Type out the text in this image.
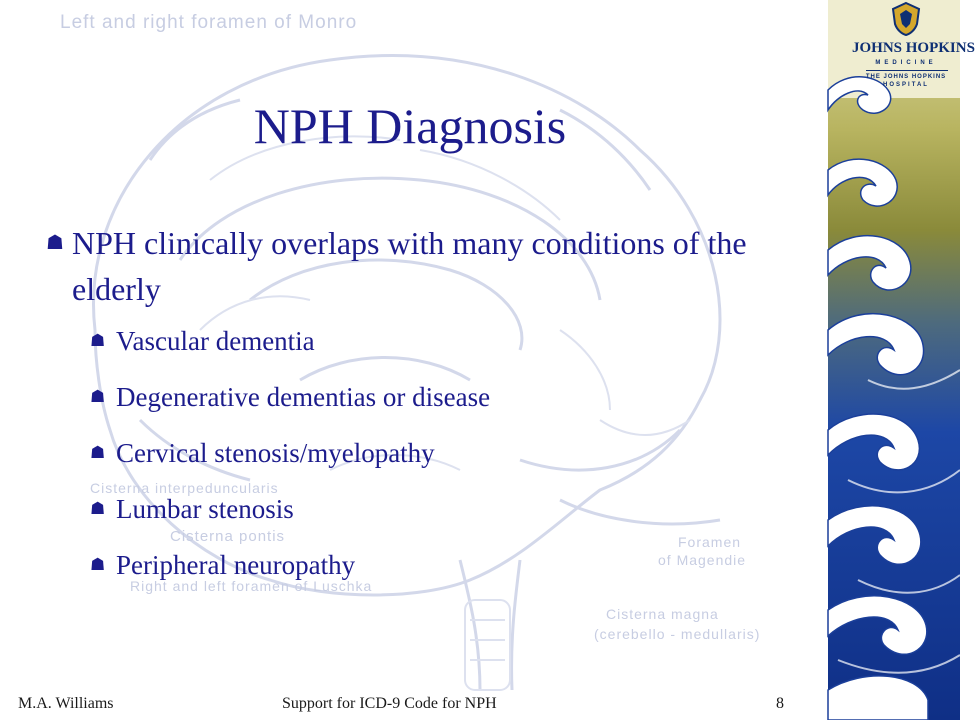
Left and right foramen of Monro
Cisterna interpeduncularis
Cisterna pontis
Right and left foramen of Luschka
Foramen
of Magendie
Cisterna magna
(cerebello - medullaris)
JOHNS HOPKINS
MEDICINE
THE JOHNS HOPKINS
HOSPITAL
NPH Diagnosis
☗ NPH clinically overlaps with many conditions of the elderly
☗ Vascular dementia
☗ Degenerative dementias or disease
☗ Cervical stenosis/myelopathy
☗ Lumbar stenosis
☗ Peripheral neuropathy
M.A. Williams	Support for ICD-9 Code for NPH	8
